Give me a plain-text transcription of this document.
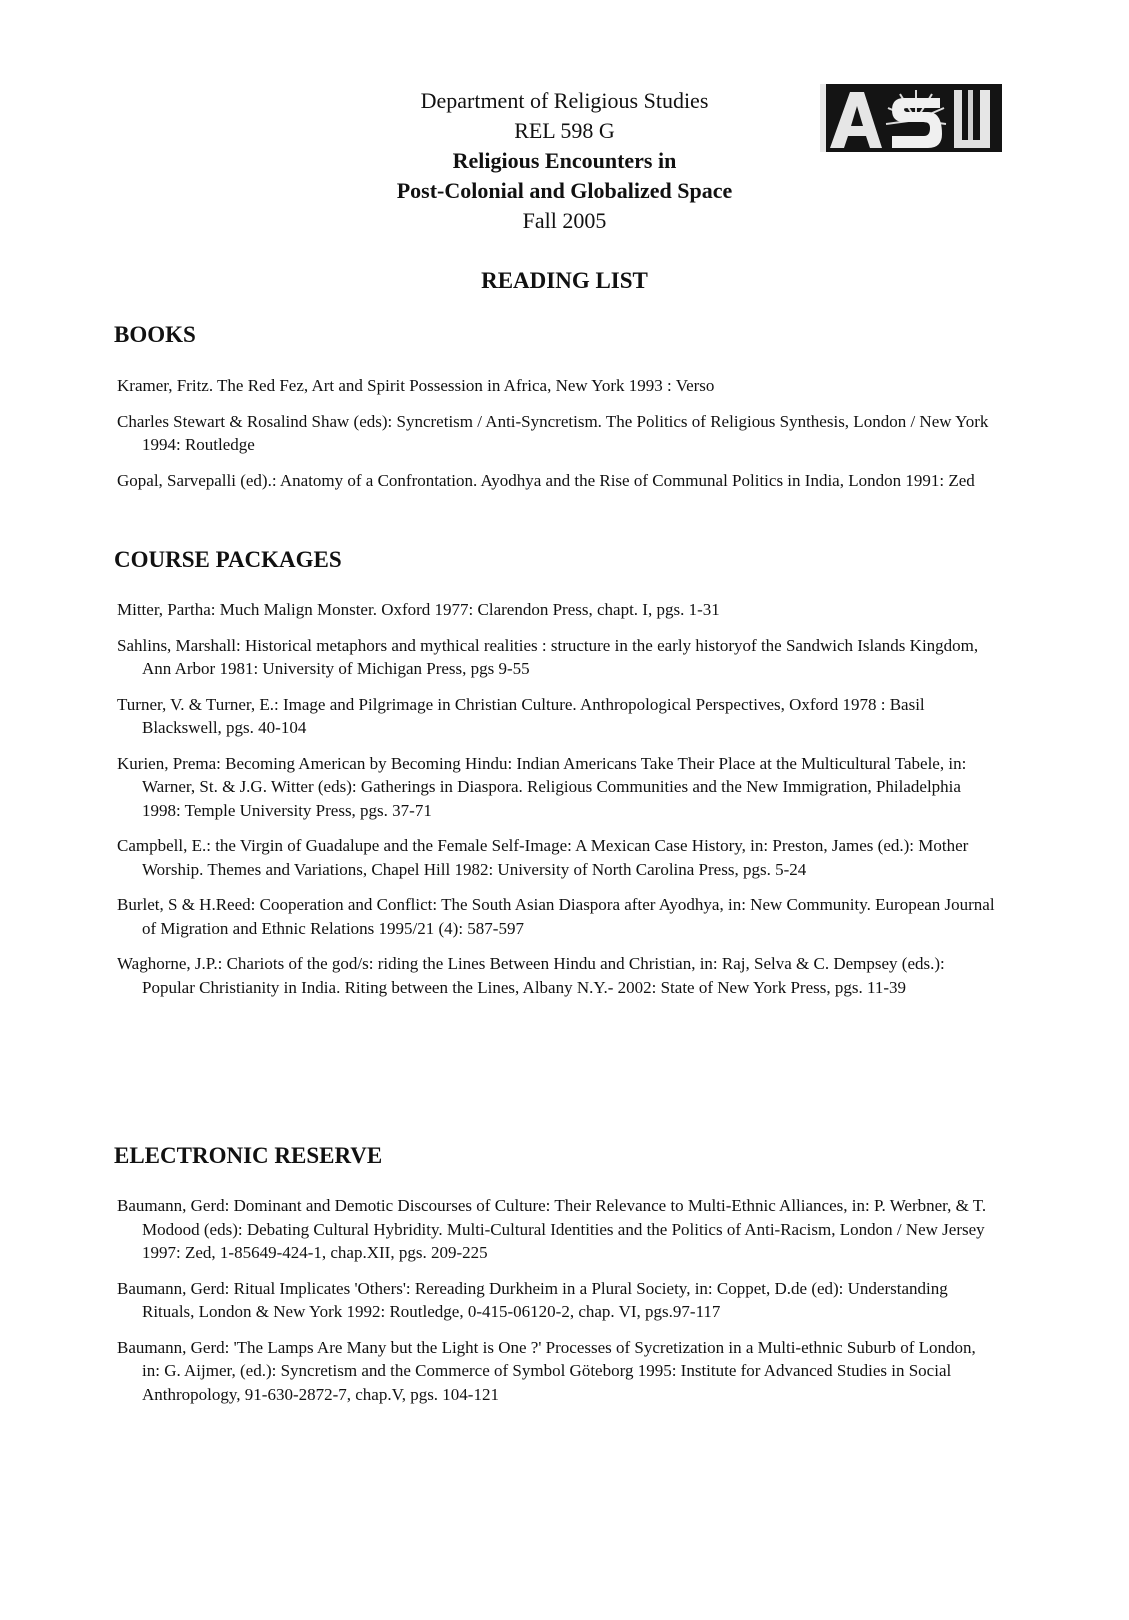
Department of Religious Studies
REL 598 G
Religious Encounters in
Post-Colonial and Globalized Space
Fall 2005
READING LIST
BOOKS
Kramer, Fritz. The Red Fez, Art and Spirit Possession in Africa, New York 1993 : Verso
Charles Stewart & Rosalind Shaw (eds): Syncretism / Anti-Syncretism. The Politics of Religious Synthesis, London / New York 1994: Routledge
Gopal, Sarvepalli (ed).: Anatomy of a Confrontation. Ayodhya and the Rise of Communal Politics in India, London 1991: Zed
COURSE PACKAGES
Mitter, Partha: Much Malign Monster. Oxford 1977: Clarendon Press, chapt. I, pgs. 1-31
Sahlins, Marshall: Historical metaphors and mythical realities : structure in the early historyof the Sandwich Islands Kingdom, Ann Arbor 1981: University of Michigan Press, pgs 9-55
Turner, V. & Turner, E.: Image and Pilgrimage in Christian Culture. Anthropological Perspectives, Oxford 1978 : Basil Blackswell, pgs. 40-104
Kurien, Prema: Becoming American by Becoming Hindu: Indian Americans Take Their Place at the Multicultural Tabele, in: Warner, St. & J.G. Witter (eds): Gatherings in Diaspora. Religious Communities and the New Immigration, Philadelphia 1998: Temple University Press, pgs. 37-71
Campbell, E.: the Virgin of Guadalupe and the Female Self-Image: A Mexican Case History, in: Preston, James (ed.): Mother Worship. Themes and Variations, Chapel Hill 1982: University of North Carolina Press, pgs. 5-24
Burlet, S & H.Reed: Cooperation and Conflict: The South Asian Diaspora after Ayodhya, in: New Community. European Journal of Migration and Ethnic Relations 1995/21 (4): 587-597
Waghorne, J.P.: Chariots of the god/s: riding the Lines Between Hindu and Christian, in: Raj, Selva & C. Dempsey (eds.): Popular Christianity in India. Riting between the Lines, Albany N.Y.- 2002: State of New York Press, pgs. 11-39
ELECTRONIC RESERVE
Baumann, Gerd: Dominant and Demotic Discourses of Culture: Their Relevance to Multi-Ethnic Alliances, in: P. Werbner, & T. Modood (eds): Debating Cultural Hybridity. Multi-Cultural Identities and the Politics of Anti-Racism, London / New Jersey 1997: Zed, 1-85649-424-1, chap.XII, pgs. 209-225
Baumann, Gerd: Ritual Implicates 'Others': Rereading Durkheim in a Plural Society, in: Coppet, D.de (ed): Understanding Rituals, London & New York 1992: Routledge, 0-415-06120-2, chap. VI, pgs.97-117
Baumann, Gerd: 'The Lamps Are Many but the Light is One ?' Processes of Sycretization in a Multi-ethnic Suburb of London, in: G. Aijmer, (ed.): Syncretism and the Commerce of Symbol Göteborg 1995: Institute for Advanced Studies in Social Anthropology, 91-630-2872-7, chap.V, pgs. 104-121
